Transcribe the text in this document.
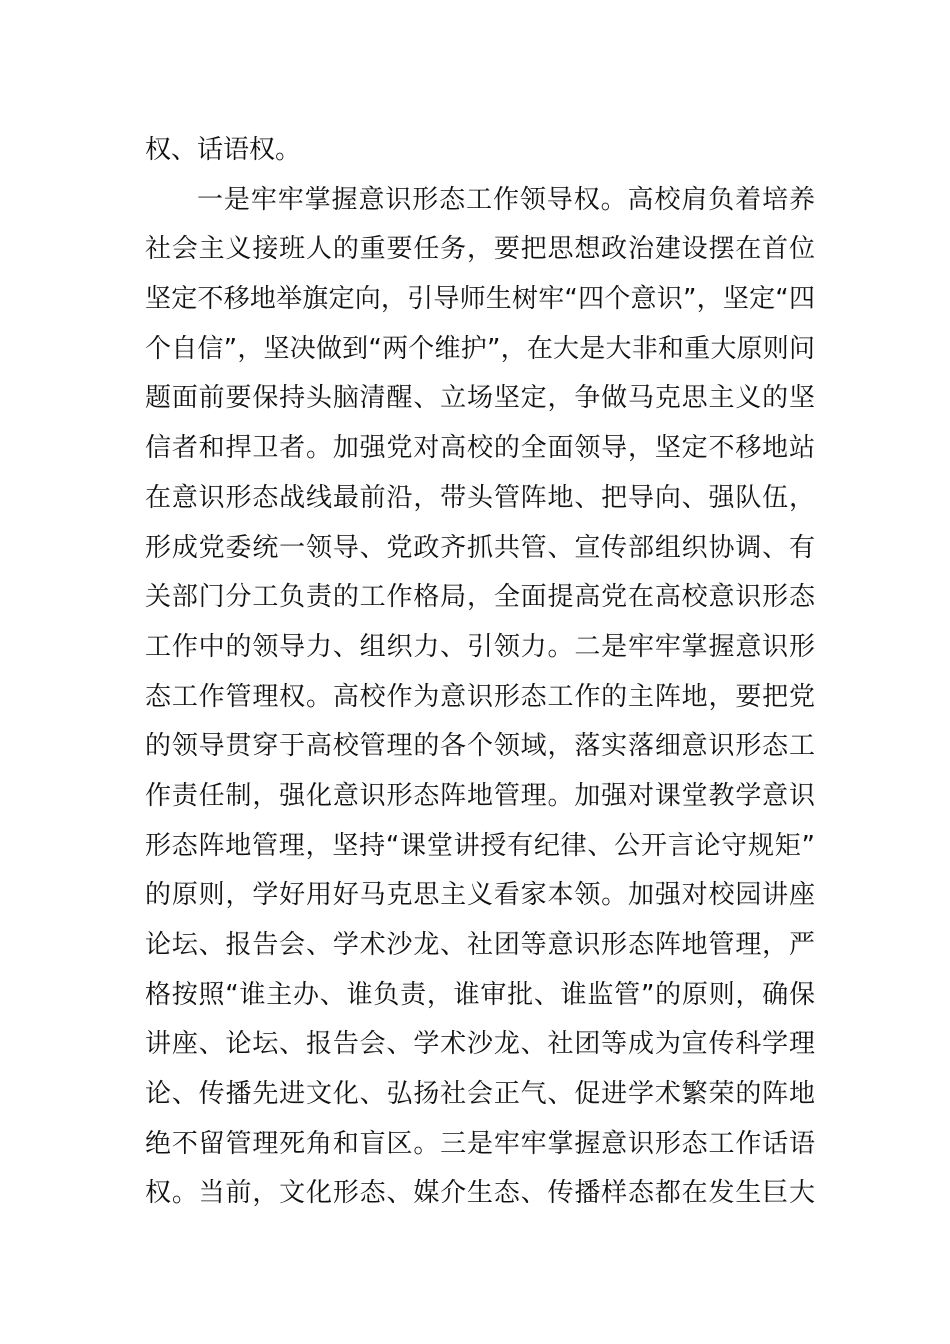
权、话语权。
一是牢牢掌握意识形态工作领导权。高校肩负着培养
社会主义接班人的重要任务，要把思想政治建设摆在首位
坚定不移地举旗定向，引导师生树牢“四个意识”，坚定“四
个自信”，坚决做到“两个维护”，在大是大非和重大原则问
题面前要保持头脑清醒、立场坚定，争做马克思主义的坚
信者和捍卫者。加强党对高校的全面领导，坚定不移地站
在意识形态战线最前沿，带头管阵地、把导向、强队伍，
形成党委统一领导、党政齐抓共管、宣传部组织协调、有
关部门分工负责的工作格局，全面提高党在高校意识形态
工作中的领导力、组织力、引领力。二是牢牢掌握意识形
态工作管理权。高校作为意识形态工作的主阵地，要把党
的领导贯穿于高校管理的各个领域，落实落细意识形态工
作责任制，强化意识形态阵地管理。加强对课堂教学意识
形态阵地管理，坚持“课堂讲授有纪律、公开言论守规矩”
的原则，学好用好马克思主义看家本领。加强对校园讲座
论坛、报告会、学术沙龙、社团等意识形态阵地管理，严
格按照“谁主办、谁负责，谁审批、谁监管”的原则，确保
讲座、论坛、报告会、学术沙龙、社团等成为宣传科学理
论、传播先进文化、弘扬社会正气、促进学术繁荣的阵地
绝不留管理死角和盲区。三是牢牢掌握意识形态工作话语
权。当前，文化形态、媒介生态、传播样态都在发生巨大
